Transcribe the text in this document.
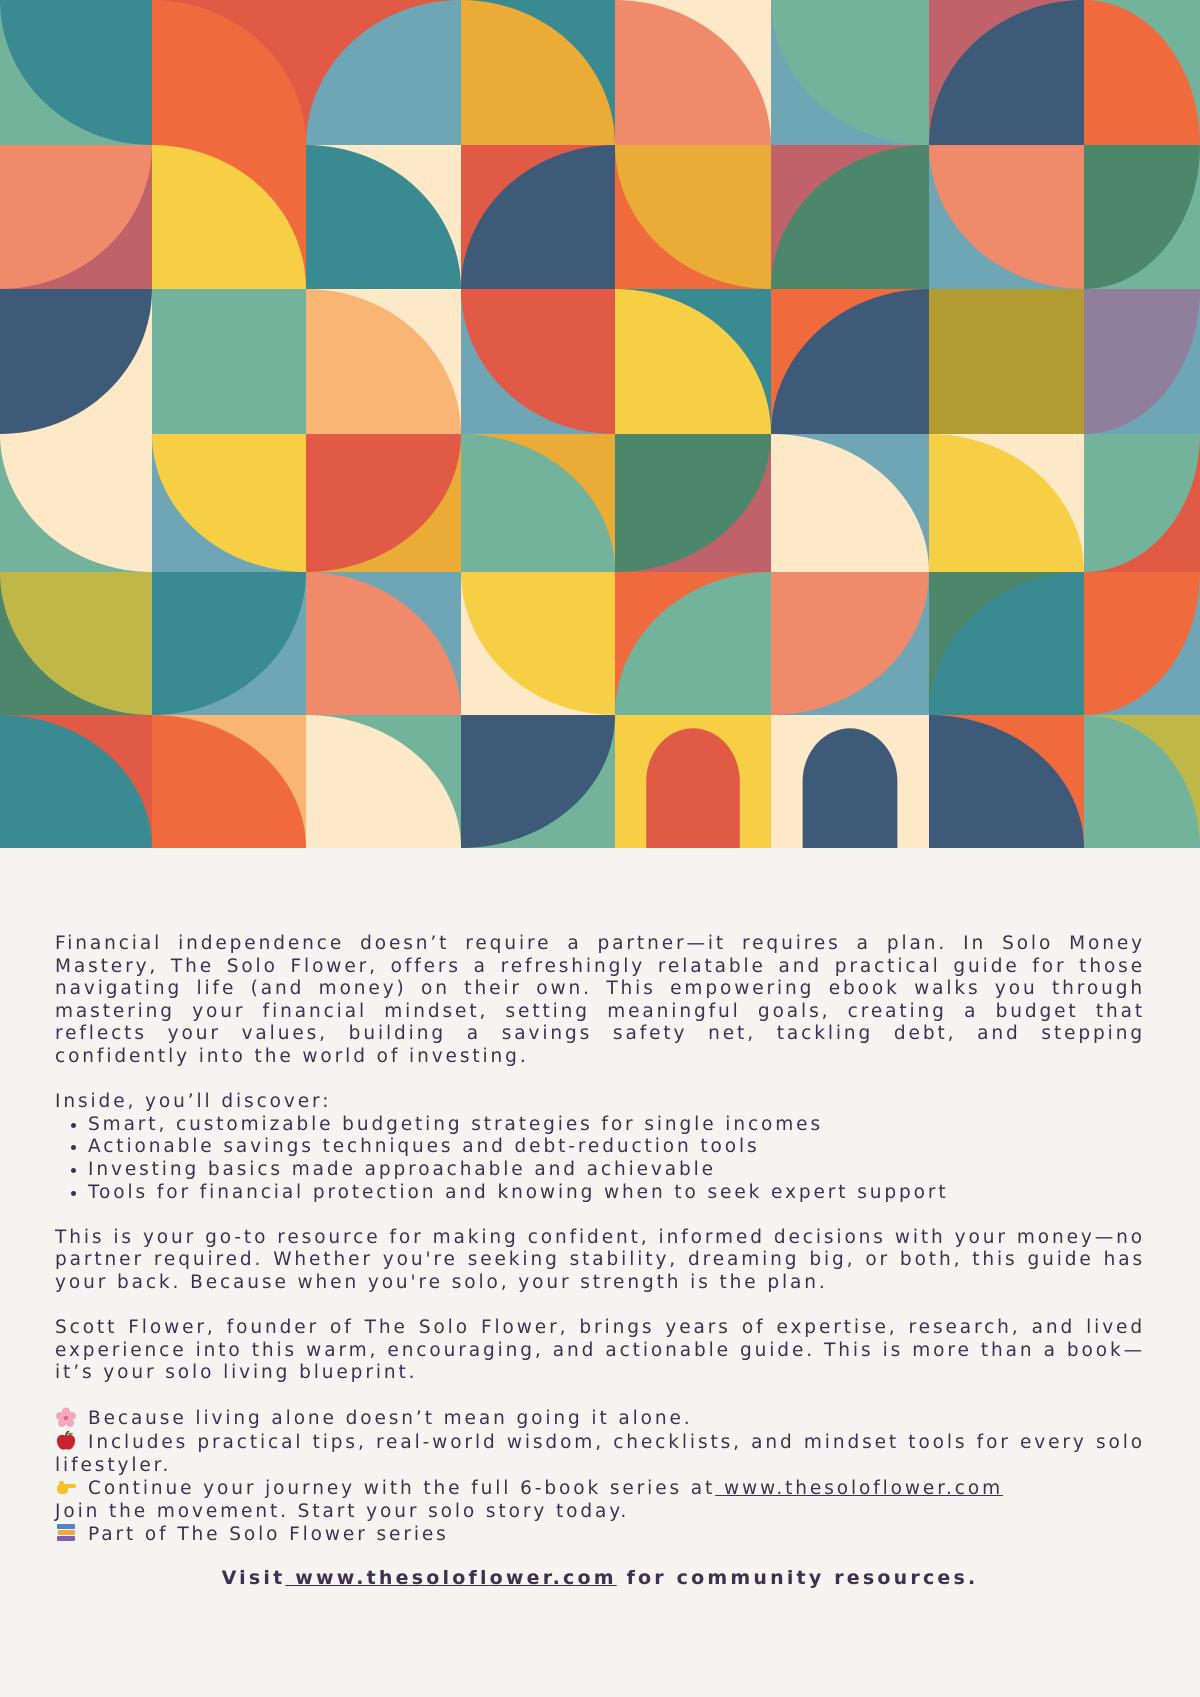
Financial independence doesn’t require a partner—it requires a plan. In Solo Money Mastery, The Solo Flower, offers a refreshingly relatable and practical guide for those navigating life (and money) on their own. This empowering ebook walks you through mastering your financial mindset, setting meaningful goals, creating a budget that reflects your values, building a savings safety net, tackling debt, and stepping confidently into the world of investing.

Inside, you’ll discover:

• Smart, customizable budgeting strategies for single incomes
• Actionable savings techniques and debt-reduction tools
• Investing basics made approachable and achievable
• Tools for financial protection and knowing when to seek expert support

This is your go-to resource for making confident, informed decisions with your money—no partner required. Whether you're seeking stability, dreaming big, or both, this guide has your back. Because when you're solo, your strength is the plan.

Scott Flower, founder of The Solo Flower, brings years of expertise, research, and lived experience into this warm, encouraging, and actionable guide. This is more than a book—it’s your solo living blueprint.

Because living alone doesn’t mean going it alone.

Includes practical tips, real-world wisdom, checklists, and mindset tools for every solo lifestyler.

Continue your journey with the full 6-book series at www.thesoloflower.com

Join the movement. Start your solo story today.

Part of The Solo Flower series

Visit www.thesoloflower.com for community resources.
